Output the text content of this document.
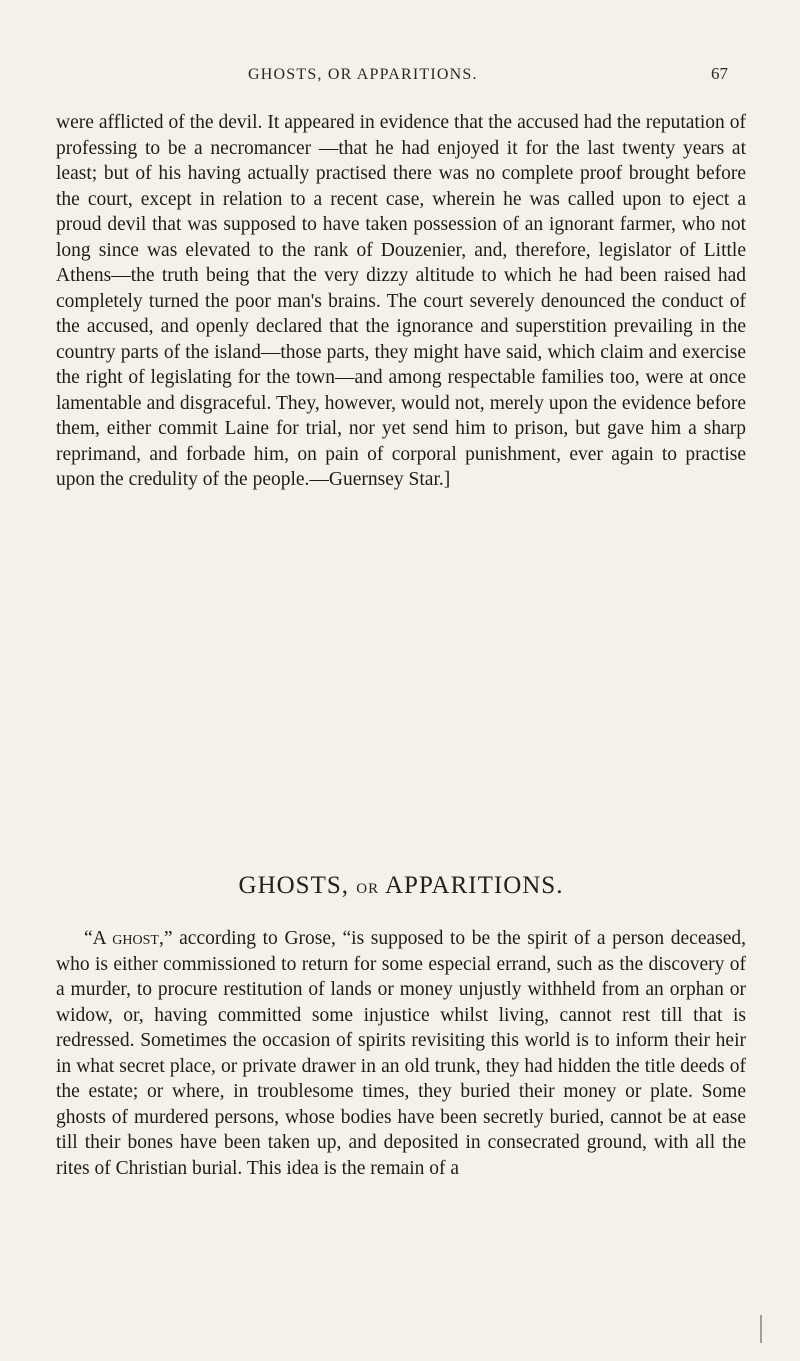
GHOSTS, OR APPARITIONS.	67

were afflicted of the devil. It appeared in evidence that the accused had the reputation of professing to be a necromancer —that he had enjoyed it for the last twenty years at least; but of his having actually practised there was no complete proof brought before the court, except in relation to a recent case, wherein he was called upon to eject a proud devil that was supposed to have taken possession of an ignorant farmer, who not long since was elevated to the rank of Douzenier, and, therefore, legislator of Little Athens—the truth being that the very dizzy altitude to which he had been raised had completely turned the poor man's brains. The court severely denounced the conduct of the accused, and openly declared that the ignorance and superstition prevailing in the country parts of the island—those parts, they might have said, which claim and exercise the right of legislating for the town—and among respectable families too, were at once lamentable and disgraceful. They, however, would not, merely upon the evidence before them, either commit Laine for trial, nor yet send him to prison, but gave him a sharp reprimand, and forbade him, on pain of corporal punishment, ever again to practise upon the credulity of the people.—Guernsey Star.]

GHOSTS, OR APPARITIONS.

“A ghost,” according to Grose, “is supposed to be the spirit of a person deceased, who is either commissioned to return for some especial errand, such as the discovery of a murder, to procure restitution of lands or money unjustly withheld from an orphan or widow, or, having committed some injustice whilst living, cannot rest till that is redressed. Sometimes the occasion of spirits revisiting this world is to inform their heir in what secret place, or private drawer in an old trunk, they had hidden the title deeds of the estate; or where, in troublesome times, they buried their money or plate. Some ghosts of murdered persons, whose bodies have been secretly buried, cannot be at ease till their bones have been taken up, and deposited in consecrated ground, with all the rites of Christian burial. This idea is the remain of a
